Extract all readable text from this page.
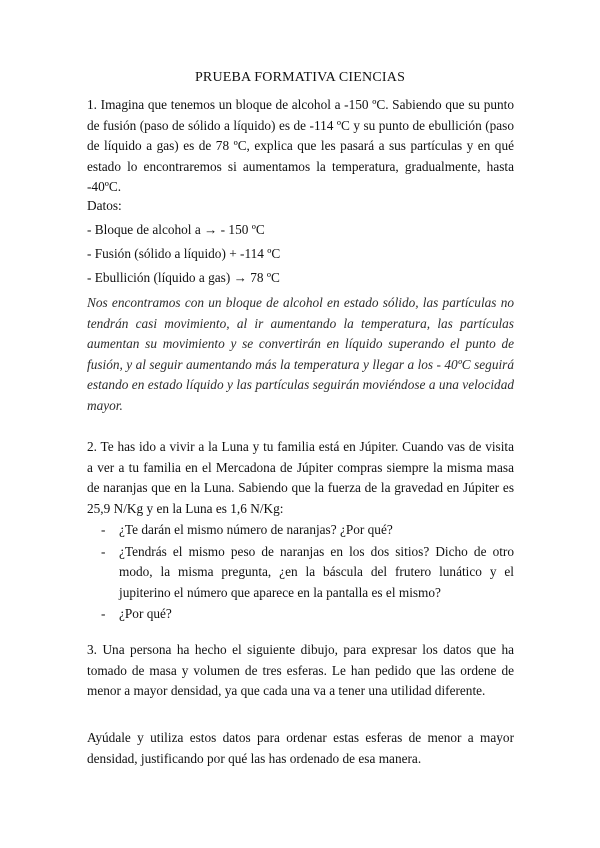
PRUEBA FORMATIVA CIENCIAS

1. Imagina que tenemos un bloque de alcohol a -150 ºC. Sabiendo que su punto de fusión (paso de sólido a líquido) es de -114 ºC y su punto de ebullición (paso de líquido a gas) es de 78 ºC, explica que les pasará a sus partículas y en qué estado lo encontraremos si aumentamos la temperatura, gradualmente, hasta -40ºC.

Datos:
- Bloque de alcohol a → - 150 ºC
- Fusión (sólido a líquido) + -114 ºC
- Ebullición (líquido a gas) → 78 ºC

Nos encontramos con un bloque de alcohol en estado sólido, las partículas no tendrán casi movimiento, al ir aumentando la temperatura, las partículas aumentan su movimiento y se convertirán en líquido superando el punto de fusión, y al seguir aumentando más la temperatura y llegar a los - 40ºC seguirá estando en estado líquido y las partículas seguirán moviéndose a una velocidad mayor.

2. Te has ido a vivir a la Luna y tu familia está en Júpiter. Cuando vas de visita a ver a tu familia en el Mercadona de Júpiter compras siempre la misma masa de naranjas que en la Luna. Sabiendo que la fuerza de la gravedad en Júpiter es 25,9 N/Kg y en la Luna es 1,6 N/Kg:

- ¿Te darán el mismo número de naranjas? ¿Por qué?
- ¿Tendrás el mismo peso de naranjas en los dos sitios? Dicho de otro modo, la misma pregunta, ¿en la báscula del frutero lunático y el jupiterino el número que aparece en la pantalla es el mismo?
- ¿Por qué?

3. Una persona ha hecho el siguiente dibujo, para expresar los datos que ha tomado de masa y volumen de tres esferas. Le han pedido que las ordene de menor a mayor densidad, ya que cada una va a tener una utilidad diferente.

Ayúdale y utiliza estos datos para ordenar estas esferas de menor a mayor densidad, justificando por qué las has ordenado de esa manera.
